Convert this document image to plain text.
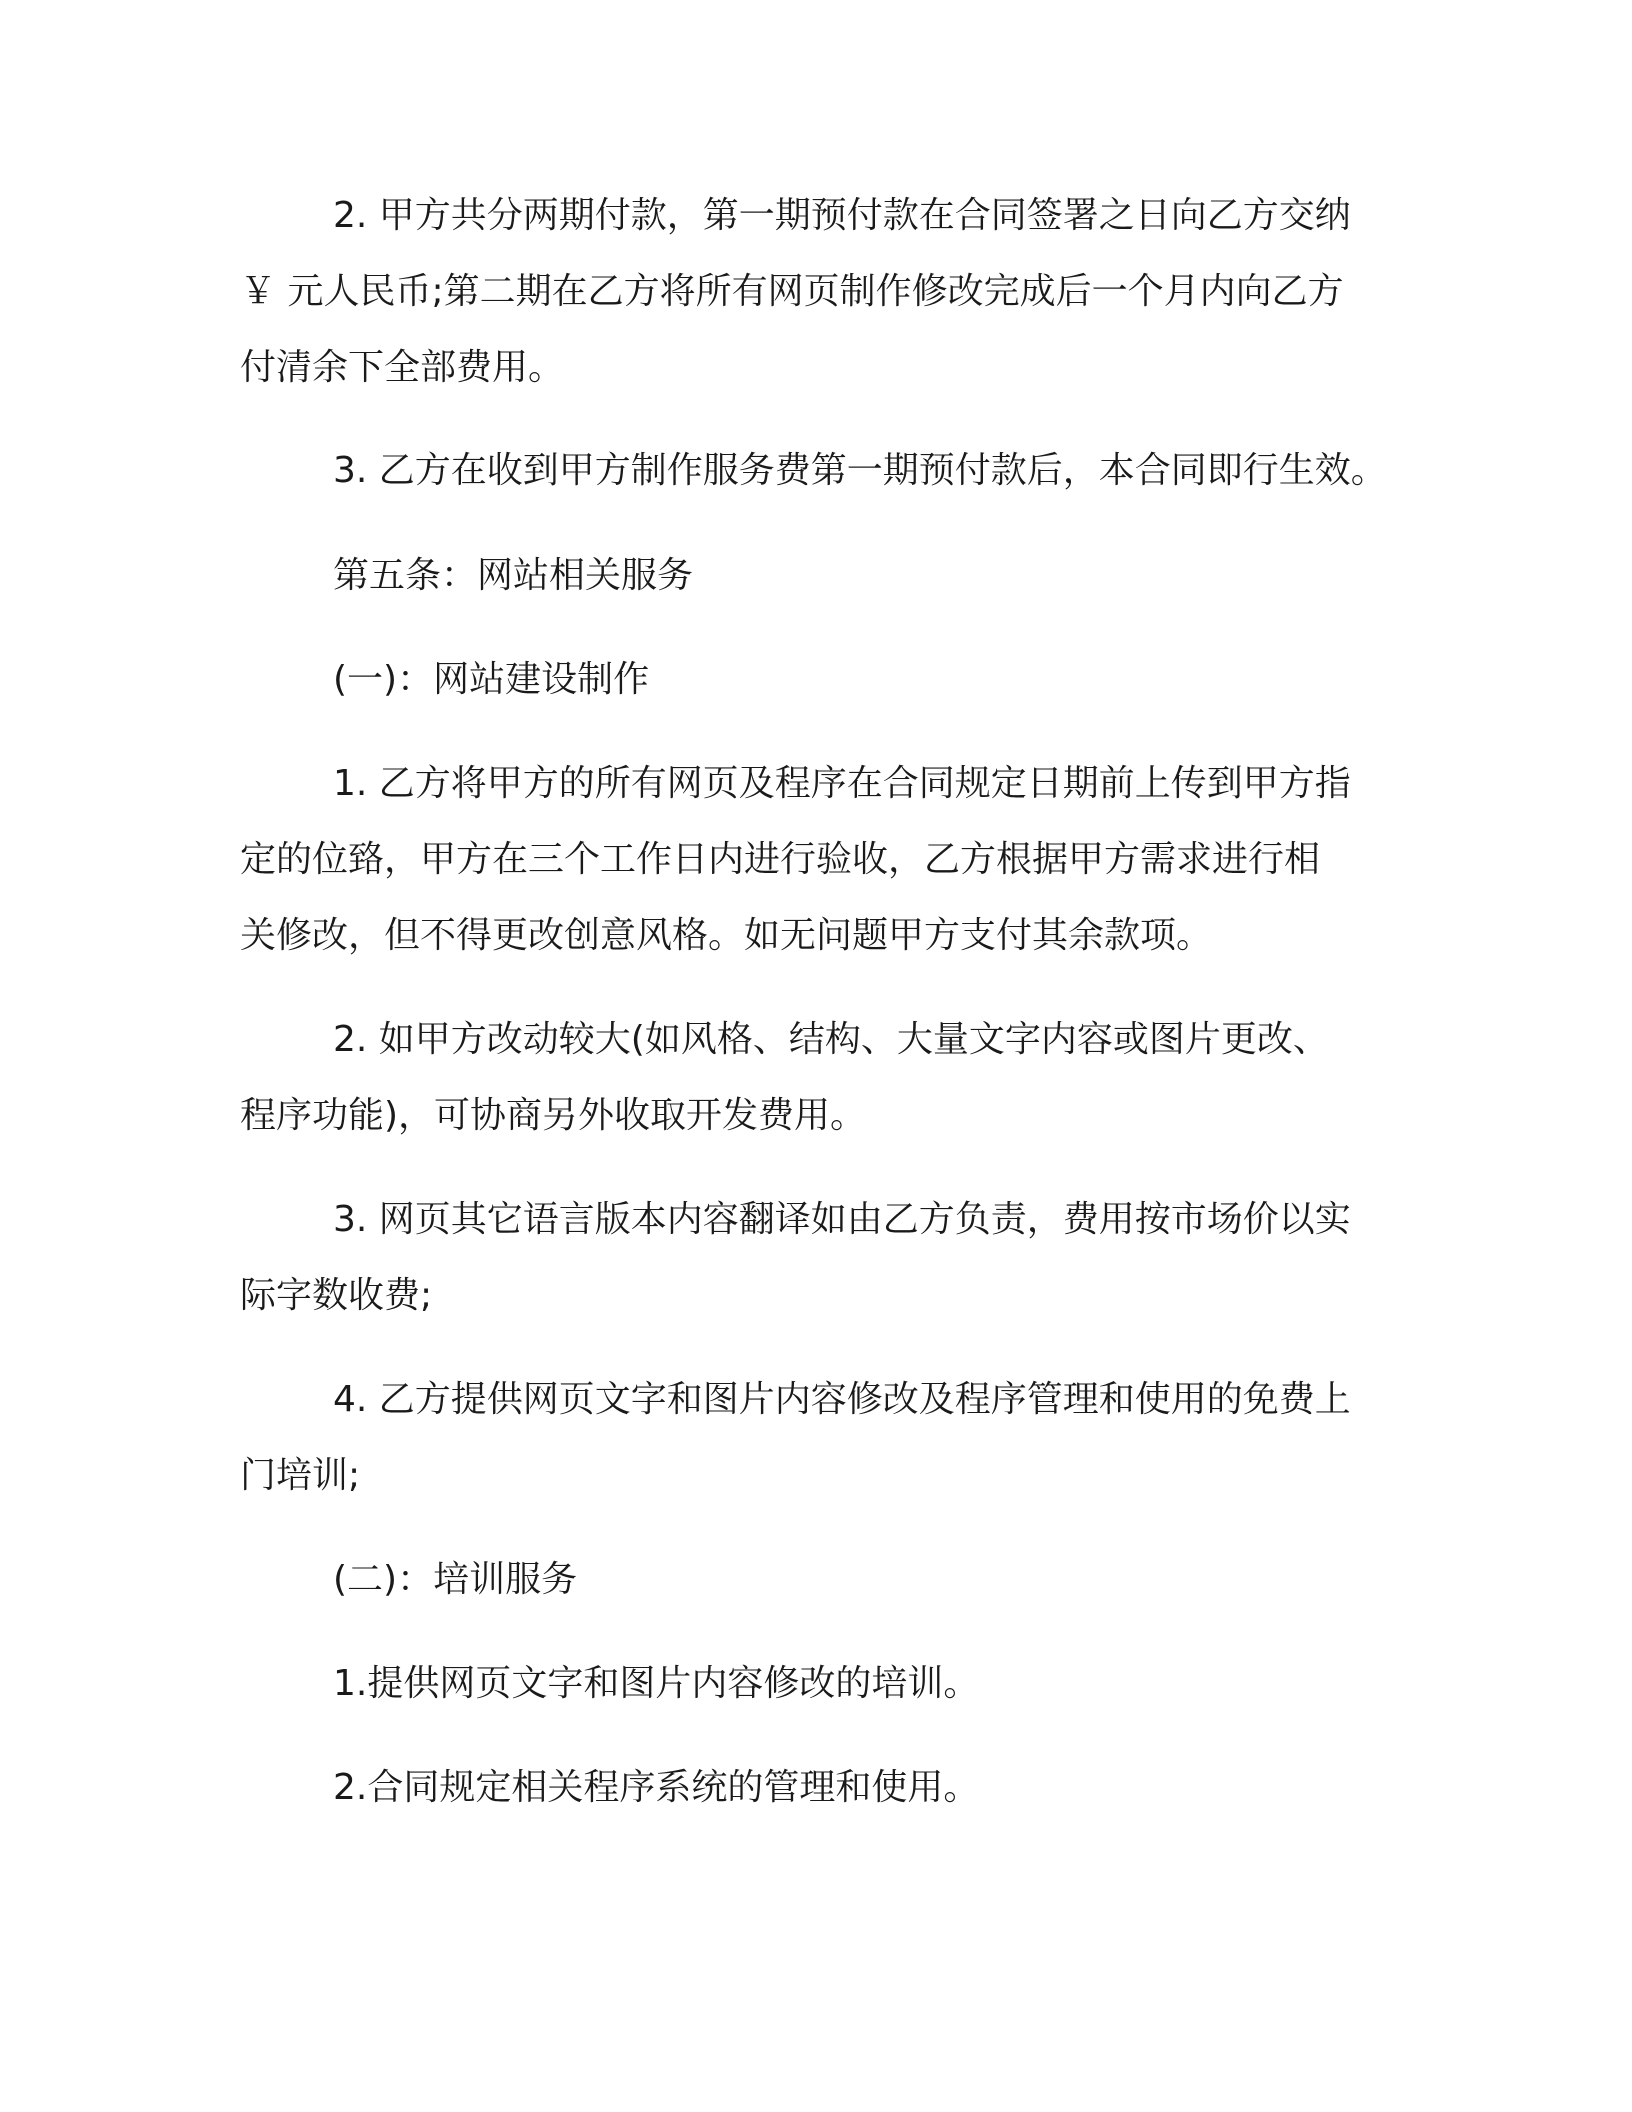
2. 甲方共分两期付款，第一期预付款在合同签署之日向乙方交纳
￥ 元人民币;第二期在乙方将所有网页制作修改完成后一个月内向乙方
付清余下全部费用。

3. 乙方在收到甲方制作服务费第一期预付款后，本合同即行生效。

第五条：网站相关服务

(一)：网站建设制作

1. 乙方将甲方的所有网页及程序在合同规定日期前上传到甲方指
定的位臵，甲方在三个工作日内进行验收，乙方根据甲方需求进行相
关修改，但不得更改创意风格。如无问题甲方支付其余款项。

2. 如甲方改动较大(如风格、结构、大量文字内容或图片更改、
程序功能)，可协商另外收取开发费用。

3. 网页其它语言版本内容翻译如由乙方负责，费用按市场价以实
际字数收费;

4. 乙方提供网页文字和图片内容修改及程序管理和使用的免费上
门培训;

(二)：培训服务

1.提供网页文字和图片内容修改的培训。

2.合同规定相关程序系统的管理和使用。
